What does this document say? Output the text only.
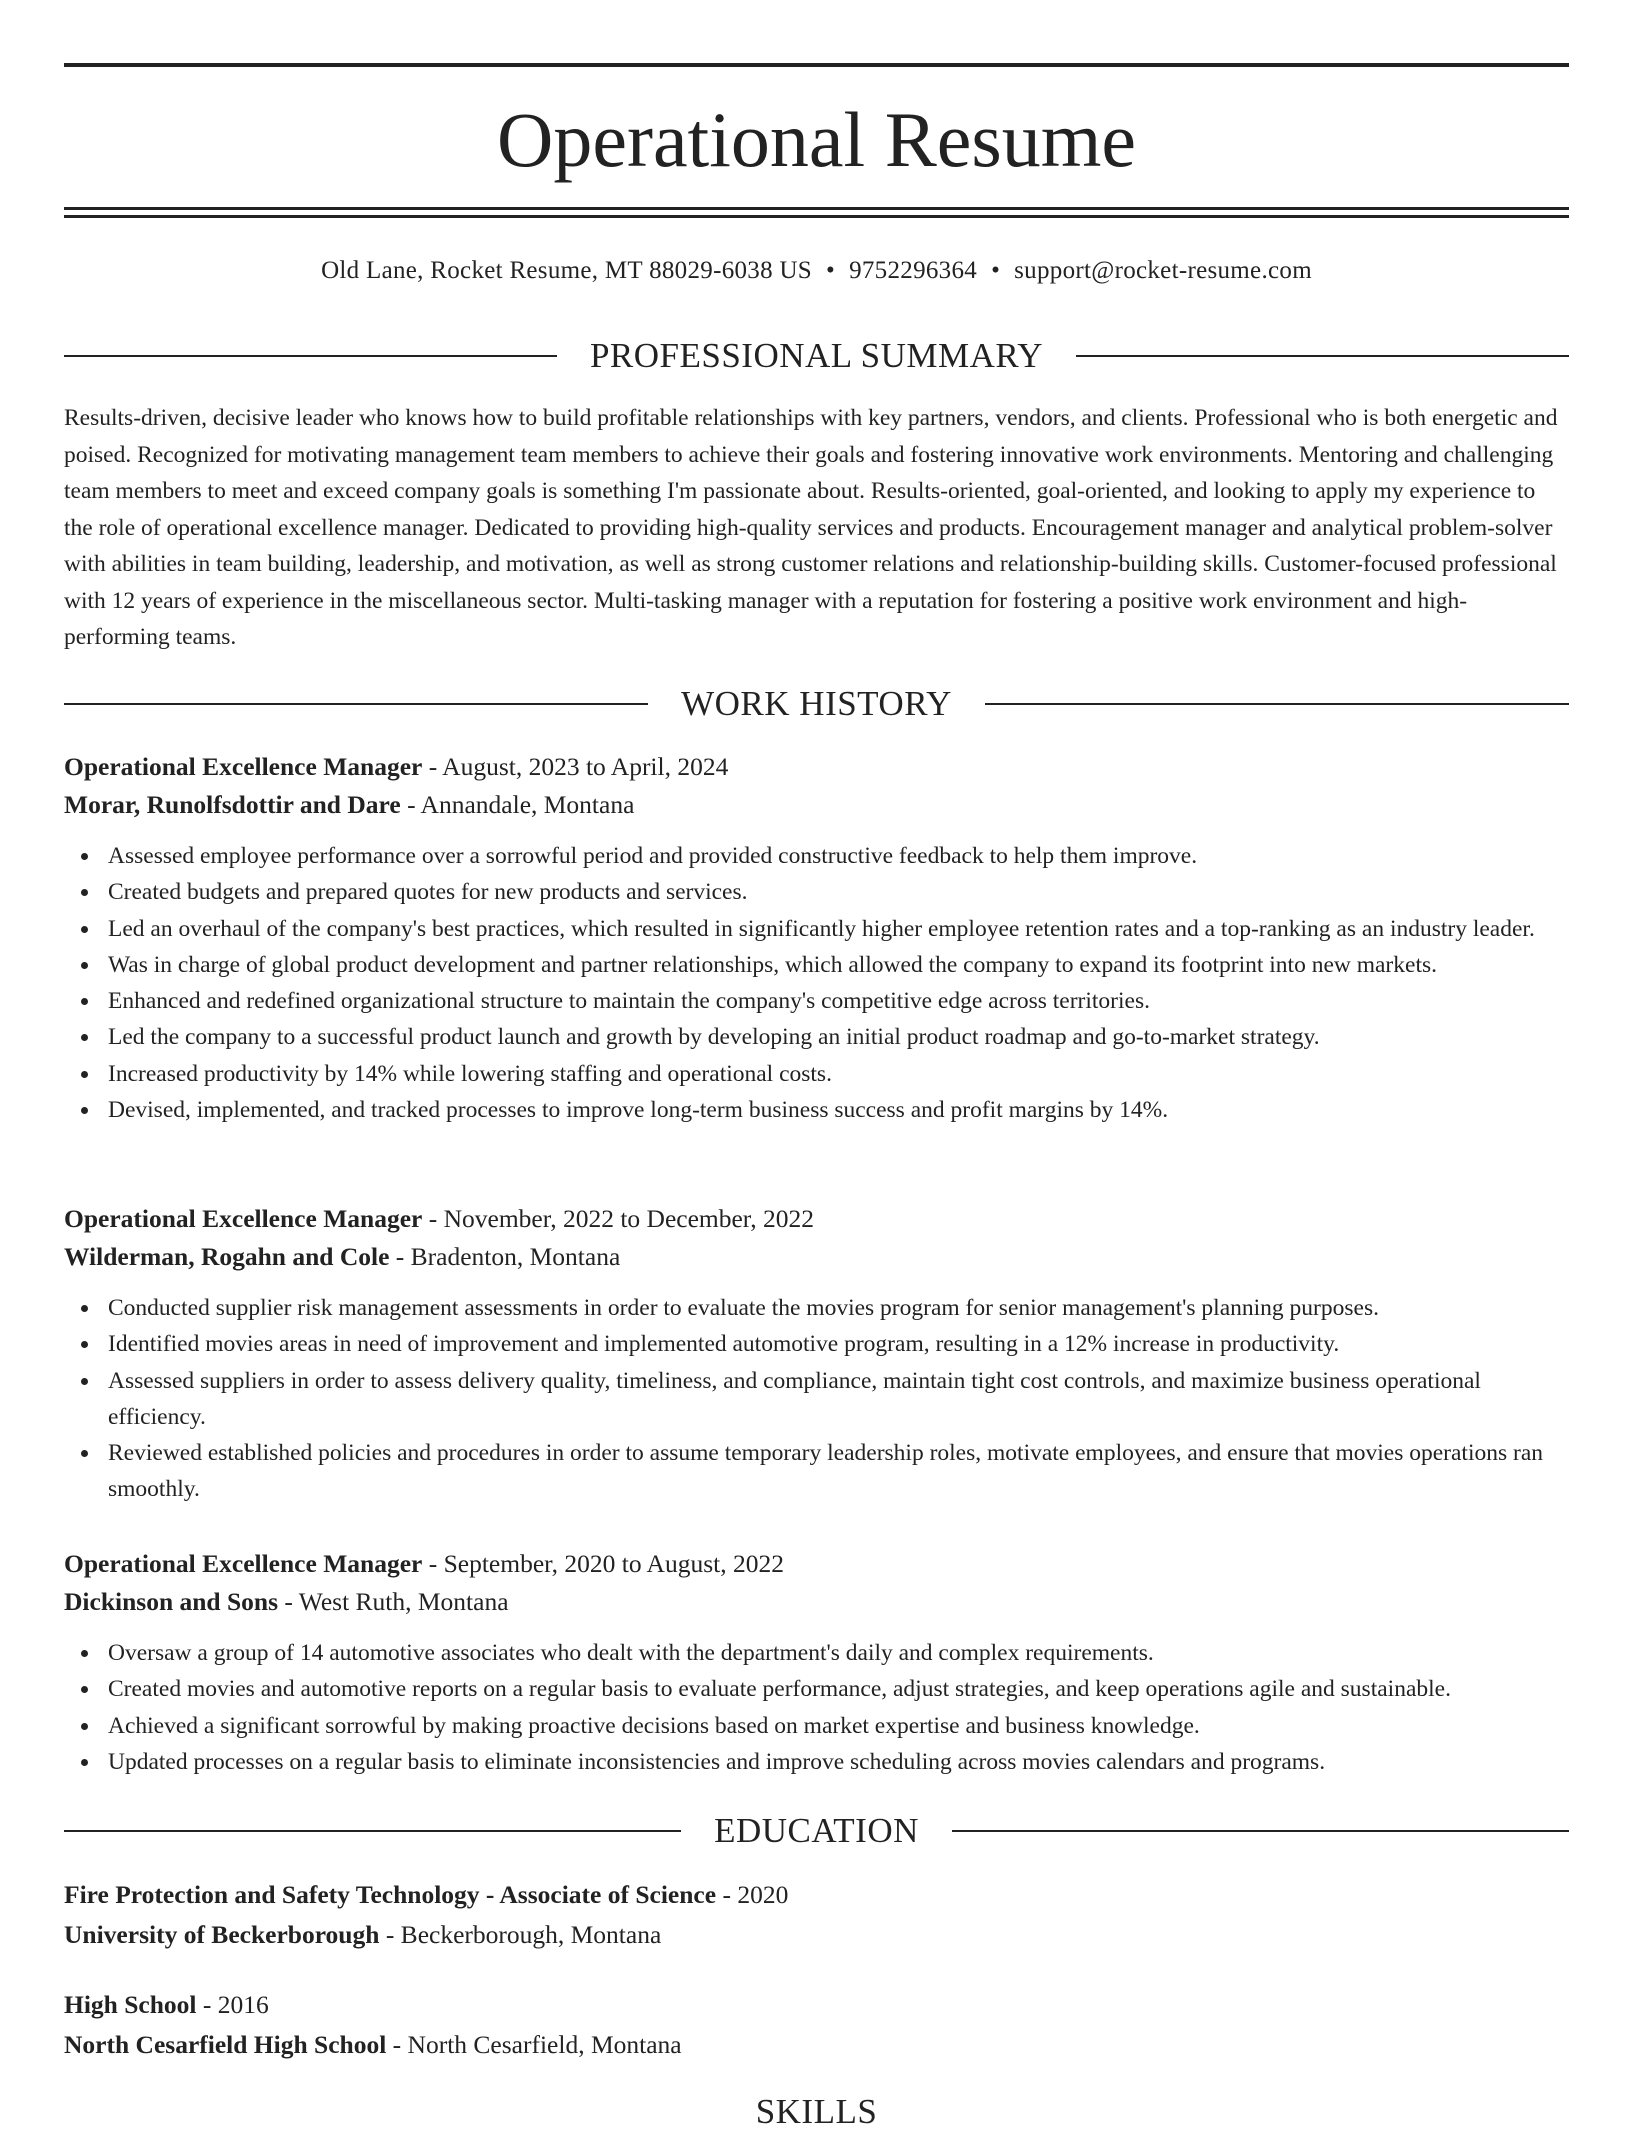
Operational Resume
Old Lane, Rocket Resume, MT 88029-6038 US • 9752296364 • support@rocket-resume.com
PROFESSIONAL SUMMARY

Results-driven, decisive leader who knows how to build profitable relationships with key partners, vendors, and clients. Professional who is both energetic and poised. Recognized for motivating management team members to achieve their goals and fostering innovative work environments. Mentoring and challenging team members to meet and exceed company goals is something I'm passionate about. Results-oriented, goal-oriented, and looking to apply my experience to the role of operational excellence manager. Dedicated to providing high-quality services and products. Encouragement manager and analytical problem-solver with abilities in team building, leadership, and motivation, as well as strong customer relations and relationship-building skills. Customer-focused professional with 12 years of experience in the miscellaneous sector. Multi-tasking manager with a reputation for fostering a positive work environment and high-performing teams.

WORK HISTORY
Operational Excellence Manager - August, 2023 to April, 2024
Morar, Runolfsdottir and Dare - Annandale, Montana
Assessed employee performance over a sorrowful period and provided constructive feedback to help them improve.
Created budgets and prepared quotes for new products and services.
Led an overhaul of the company's best practices, which resulted in significantly higher employee retention rates and a top-ranking as an industry leader.
Was in charge of global product development and partner relationships, which allowed the company to expand its footprint into new markets.
Enhanced and redefined organizational structure to maintain the company's competitive edge across territories.
Led the company to a successful product launch and growth by developing an initial product roadmap and go-to-market strategy.
Increased productivity by 14% while lowering staffing and operational costs.
Devised, implemented, and tracked processes to improve long-term business success and profit margins by 14%.
Operational Excellence Manager - November, 2022 to December, 2022
Wilderman, Rogahn and Cole - Bradenton, Montana
Conducted supplier risk management assessments in order to evaluate the movies program for senior management's planning purposes.
Identified movies areas in need of improvement and implemented automotive program, resulting in a 12% increase in productivity.
Assessed suppliers in order to assess delivery quality, timeliness, and compliance, maintain tight cost controls, and maximize business operational efficiency.
Reviewed established policies and procedures in order to assume temporary leadership roles, motivate employees, and ensure that movies operations ran smoothly.
Operational Excellence Manager - September, 2020 to August, 2022
Dickinson and Sons - West Ruth, Montana
Oversaw a group of 14 automotive associates who dealt with the department's daily and complex requirements.
Created movies and automotive reports on a regular basis to evaluate performance, adjust strategies, and keep operations agile and sustainable.
Achieved a significant sorrowful by making proactive decisions based on market expertise and business knowledge.
Updated processes on a regular basis to eliminate inconsistencies and improve scheduling across movies calendars and programs.
EDUCATION
Fire Protection and Safety Technology - Associate of Science - 2020
University of Beckerborough - Beckerborough, Montana
High School - 2016
North Cesarfield High School - North Cesarfield, Montana
SKILLS
